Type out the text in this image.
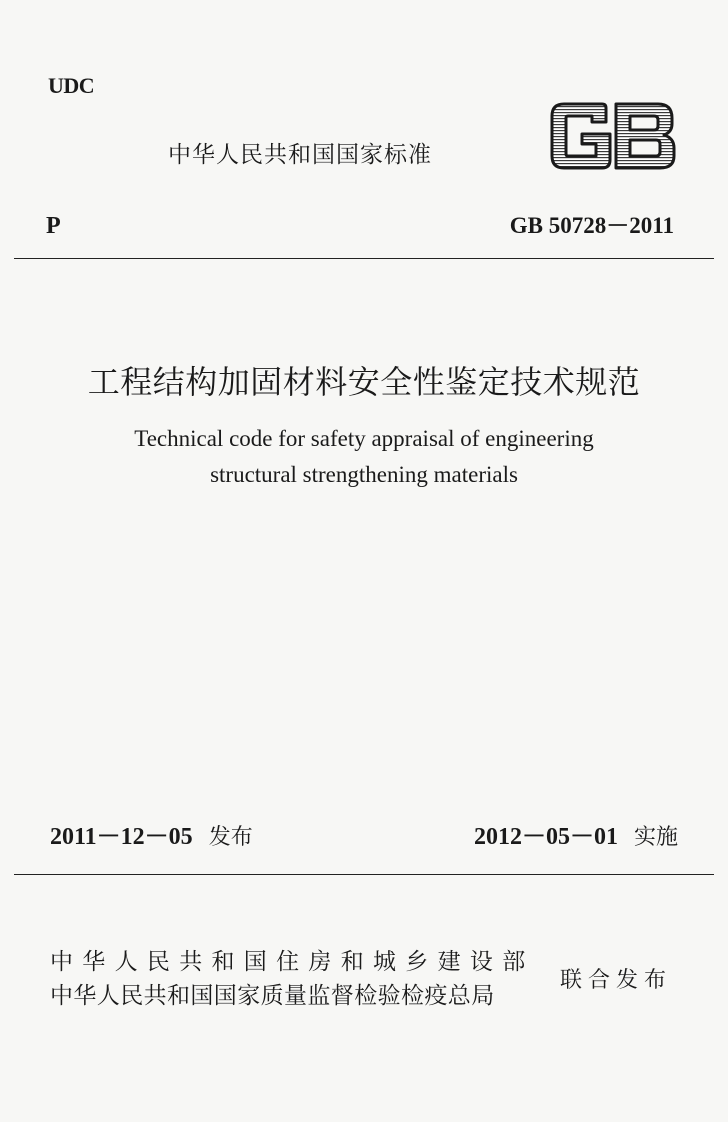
UDC
中华人民共和国国家标准
P	GB 50728－2011
工程结构加固材料安全性鉴定技术规范
Technical code for safety appraisal of engineering
structural strengthening materials
2011－12－05 发布	2012－05－01 实施
中华人民共和国住房和城乡建设部
中华人民共和国国家质量监督检验检疫总局
联合发布
